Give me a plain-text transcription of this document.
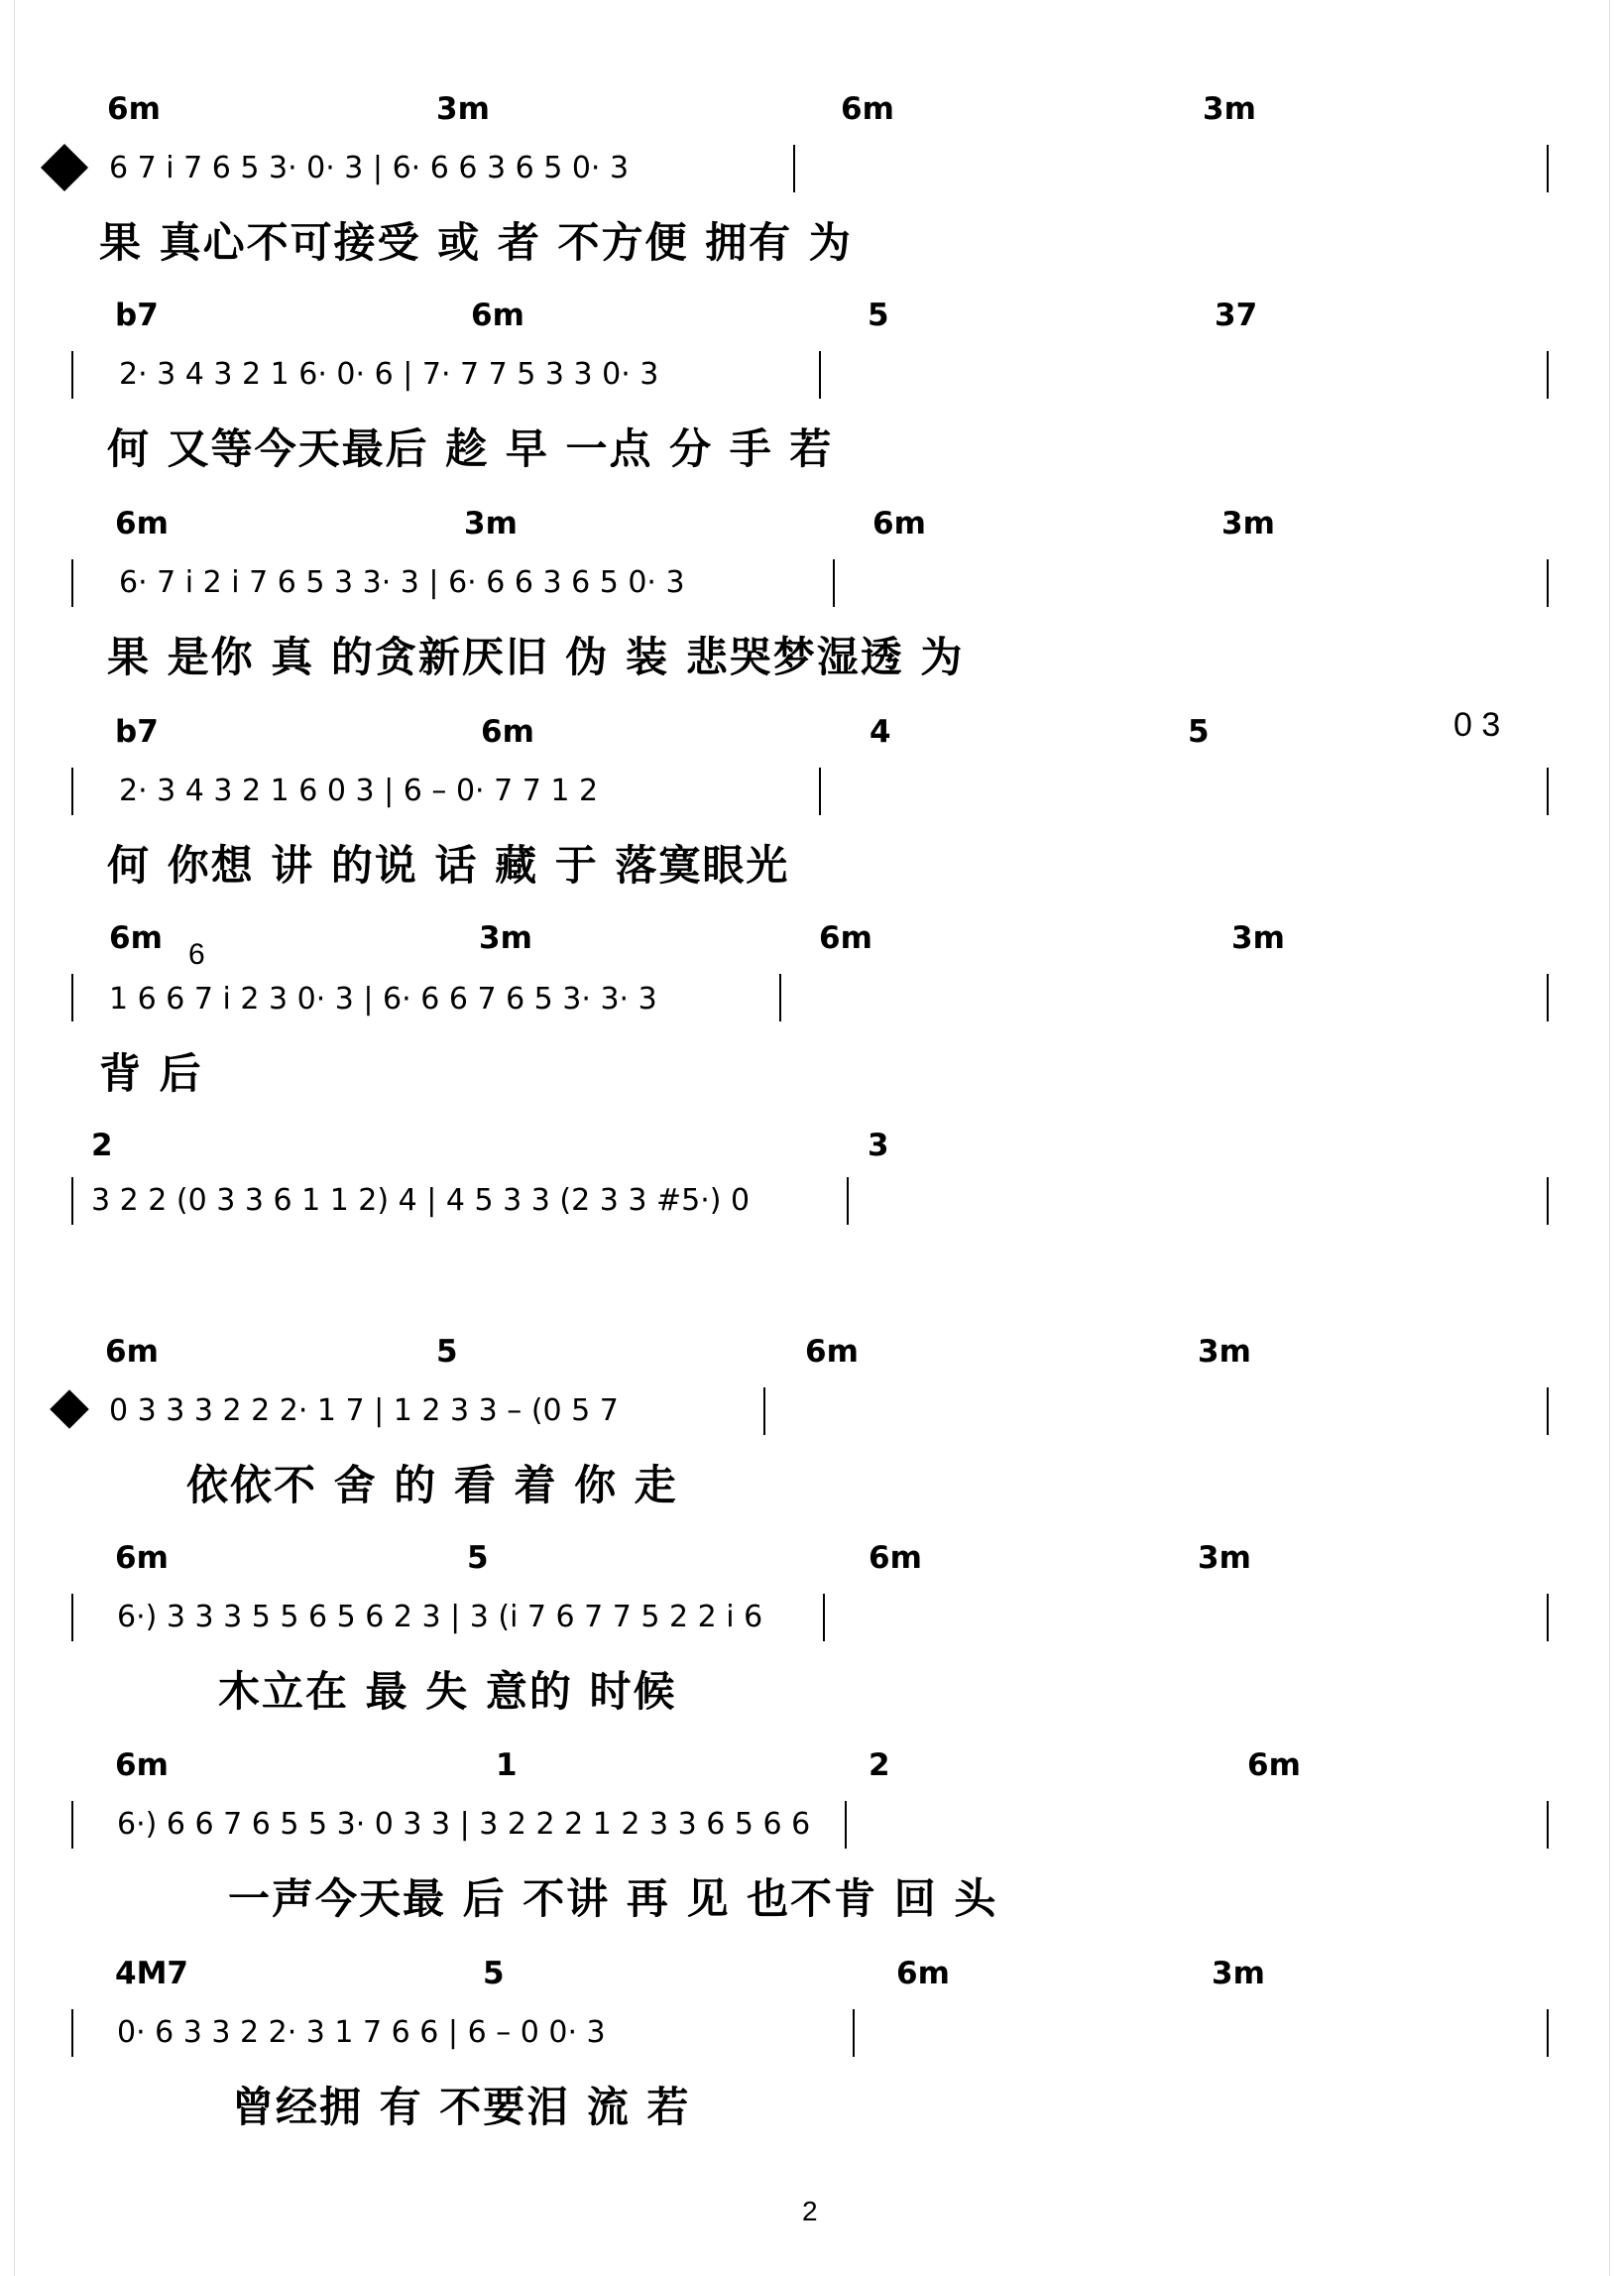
6m	3m	6m	3m
6 7 i 7 6 5 3· 0· 3 | 6· 6 6 3 6 5 0· 3
果 真心不可接受 或 者 不方便 拥有 为
b7	6m	5	37
2· 3 4 3 2 1 6· 0· 6 | 7· 7 7 5 3 3 0· 3
何 又等今天最后 趁 早 一点 分 手 若
6m	3m	6m	3m
6· 7 i 2 i 7 6 5 3 3· 3 | 6· 6 6 3 6 5 0· 3
果 是你 真 的贪新厌旧 伪 装 悲哭梦湿透 为
b7	6m	4	5	0 3
2· 3 4 3 2 1 6 0 3 | 6 – 0· 7 7 1 2
何 你想 讲 的说 话 藏 于 落寞眼光
6m	3m	6m	3m
6
1 6 6 7 i 2 3 0· 3 | 6· 6 6 7 6 5 3· 3· 3
背 后
2	3
3 2 2 (0 3 3 6 1 1 2) 4 | 4 5 3 3 (2 3 3 #5·) 0
6m	5	6m	3m
0 3 3 3 2 2 2· 1 7 | 1 2 3 3 – (0 5 7
依依不 舍 的 看 着 你 走
6m	5	6m	3m
6·) 3 3 3 5 5 6 5 6 2 3 | 3 (i 7 6 7 7 5 2 2 i 6
木立在 最 失 意的 时候
6m	1	2	6m
6·) 6 6 7 6 5 5 3· 0 3 3 | 3 2 2 2 1 2 3 3 6 5 6 6
一声今天最 后 不讲 再 见 也不肯 回 头
4M7	5	6m	3m
0· 6 3 3 2 2· 3 1 7 6 6 | 6 – 0 0· 3
曾经拥 有 不要泪 流 若
2
